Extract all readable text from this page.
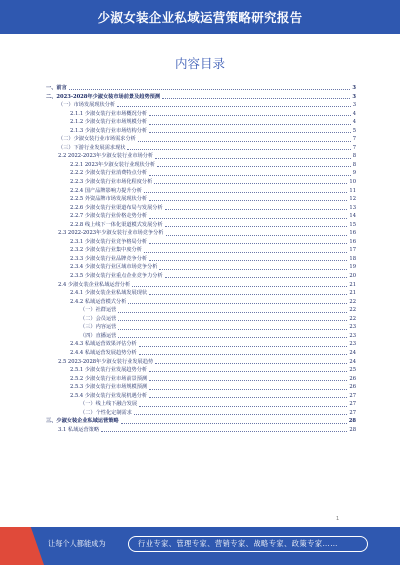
少淑女装企业私域运营策略研究报告
内容目录
一、前言	3
二、2023-2028年少淑女装市场前景及趋势预测	3
（一）市场发展现状分析	3
2.1.1 少淑女装行业市场概况分析	4
2.1.2 少淑女装行业市场规模分析	4
2.1.3 少淑女装行业市场结构分析	5
（二）少淑女装行业市场需求分析	7
（三）下游行业发展需求现状	7
2.2 2022-2023年少淑女装行业市场分析	8
2.2.1 2023年少淑女装行业现状分析	8
2.2.2 少淑女装行业消费特点分析	9
2.2.3 少淑女装行业市场化程度分析	10
2.2.4 国产品牌影响力提升分析	11
2.2.5 外资品牌市场发展现状分析	12
2.2.6 少淑女装行业渠道布局与发展分析	13
2.2.7 少淑女装行业价格走势分析	14
2.2.8 线上线下一体化渠道模式发展分析	15
2.3 2022-2023年少淑女装行业市场竞争分析	16
2.3.1 少淑女装行业竞争格局分析	16
2.3.2 少淑女装行业集中度分析	17
2.3.3 少淑女装行业品牌竞争分析	18
2.3.4 少淑女装行业区域市场竞争分析	19
2.3.5 少淑女装行业重点企业竞争力分析	20
2.4 少淑女装企业私域运营分析	21
2.4.1 少淑女装企业私域发展现状	21
2.4.2 私域运营模式分析	22
（一）社群运营	22
（二）会员运营	22
（三）内容运营	23
（四）直播运营	23
2.4.3 私域运营效果评估分析	23
2.4.4 私域运营发展趋势分析	24
2.5 2023-2028年少淑女装行业发展趋势	24
2.5.1 少淑女装行业发展趋势分析	25
2.5.2 少淑女装行业市场前景预测	26
2.5.3 少淑女装行业市场规模预测	26
2.5.4 少淑女装行业发展机遇分析	27
（一）线上线下融合发展	27
（二）个性化定制需求	27
三、少淑女装企业私域运营策略	28
3.1 私域运营策略	28
1
让每个人都能成为	行业专家、管理专家、营销专家、战略专家、政策专家……
